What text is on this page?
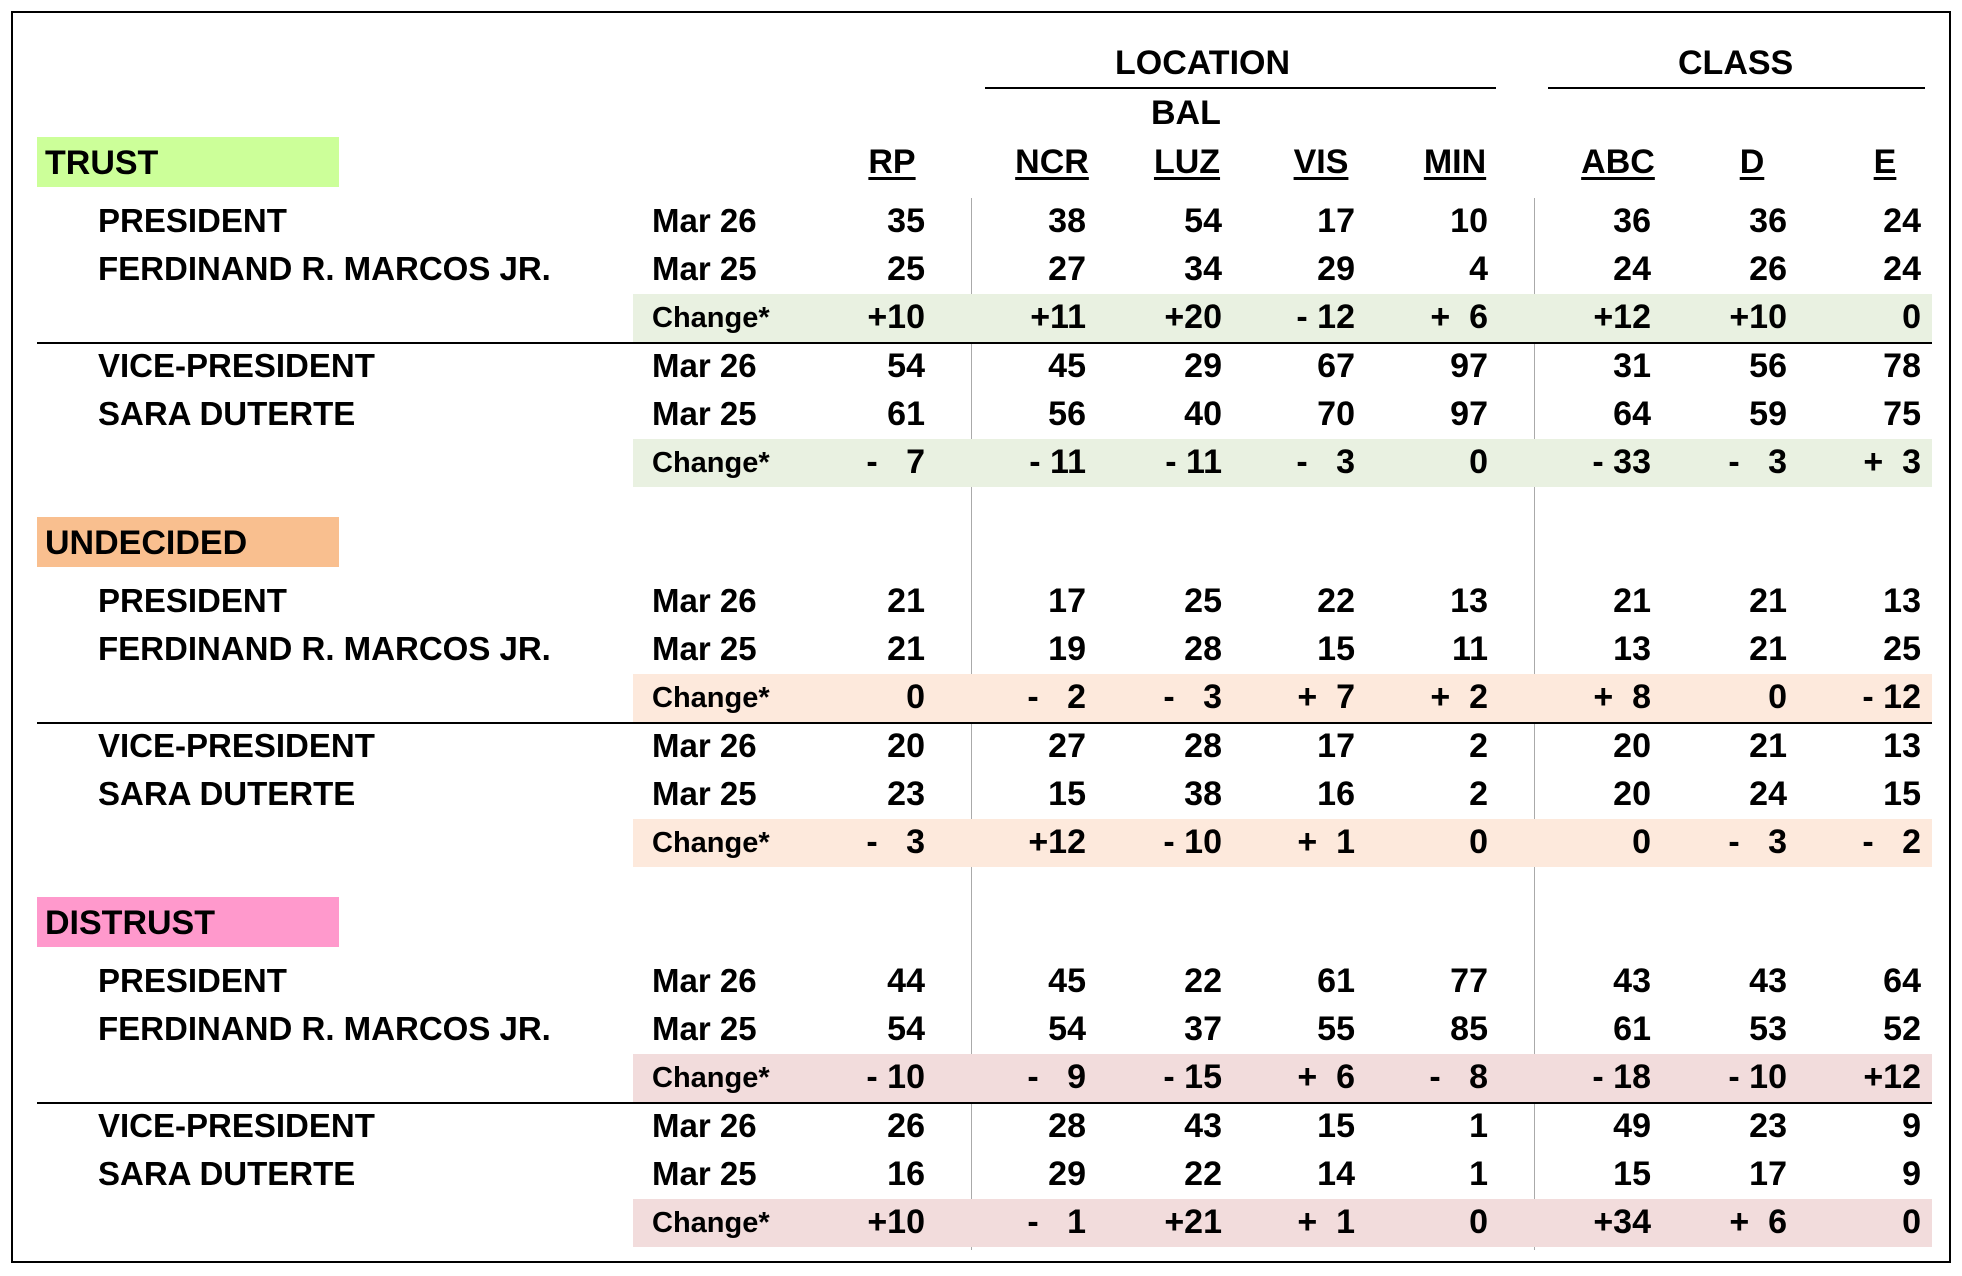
LOCATION	CLASS
BAL
RP	NCR	LUZ	VIS	MIN	ABC	D	E
TRUST
PRESIDENT
FERDINAND R. MARCOS JR.
Mar 26	35	38	54	17	10	36	36	24
Mar 25	25	27	34	29	4	24	26	24
Change*	+10	+11	+20	- 12	+  6	+12	+10	0
VICE-PRESIDENT
SARA DUTERTE
Mar 26	54	45	29	67	97	31	56	78
Mar 25	61	56	40	70	97	64	59	75
Change*	-   7	- 11	- 11	-   3	0	- 33	-   3	+  3
UNDECIDED
PRESIDENT
FERDINAND R. MARCOS JR.
Mar 26	21	17	25	22	13	21	21	13
Mar 25	21	19	28	15	11	13	21	25
Change*	0	-   2	-   3	+  7	+  2	+  8	0	- 12
VICE-PRESIDENT
SARA DUTERTE
Mar 26	20	27	28	17	2	20	21	13
Mar 25	23	15	38	16	2	20	24	15
Change*	-   3	+12	- 10	+  1	0	0	-   3	-   2
DISTRUST
PRESIDENT
FERDINAND R. MARCOS JR.
Mar 26	44	45	22	61	77	43	43	64
Mar 25	54	54	37	55	85	61	53	52
Change*	- 10	-   9	- 15	+  6	-   8	- 18	- 10	+12
VICE-PRESIDENT
SARA DUTERTE
Mar 26	26	28	43	15	1	49	23	9
Mar 25	16	29	22	14	1	15	17	9
Change*	+10	-   1	+21	+  1	0	+34	+  6	0
